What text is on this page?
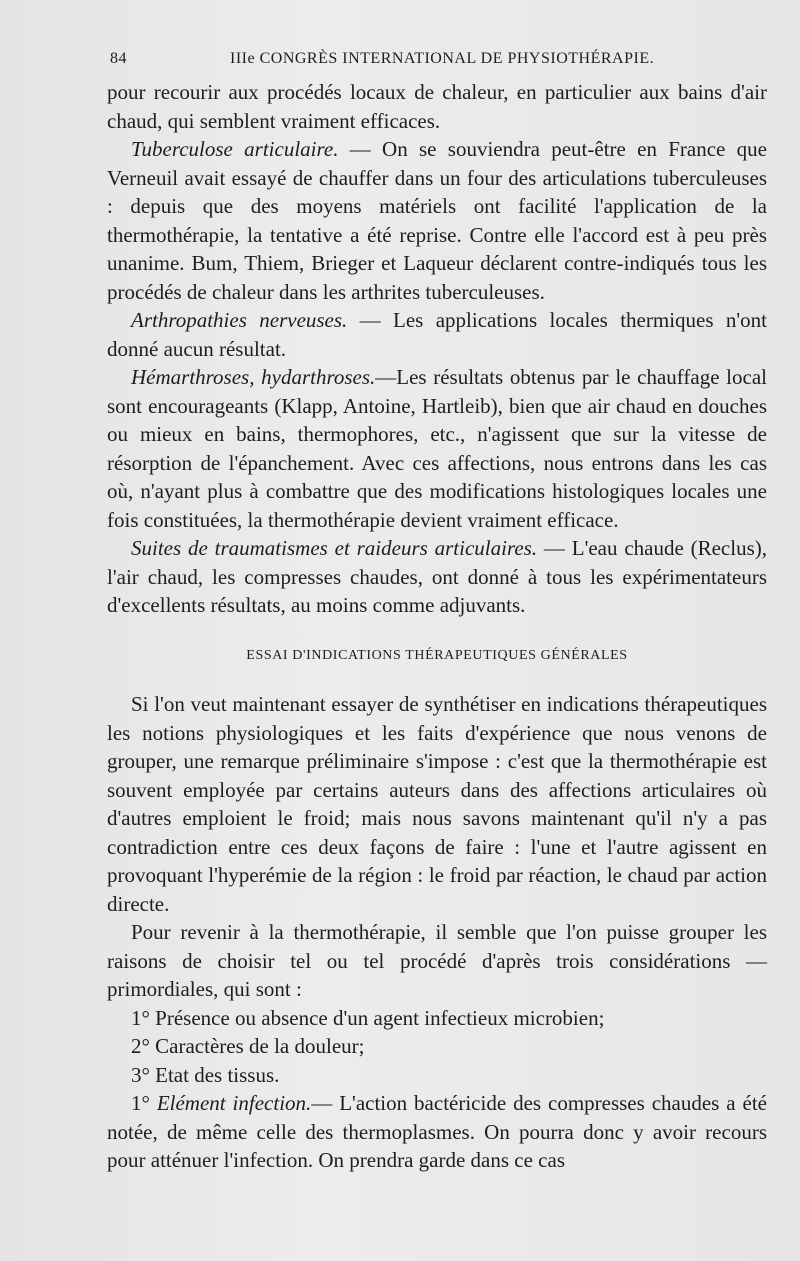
84	IIIe CONGRÈS INTERNATIONAL DE PHYSIOTHÉRAPIE.

pour recourir aux procédés locaux de chaleur, en particulier aux bains d'air chaud, qui semblent vraiment efficaces.

Tuberculose articulaire. — On se souviendra peut-être en France que Verneuil avait essayé de chauffer dans un four des articulations tuberculeuses : depuis que des moyens matériels ont facilité l'application de la thermothérapie, la tentative a été reprise. Contre elle l'accord est à peu près unanime. Bum, Thiem, Brieger et Laqueur déclarent contre-indiqués tous les procédés de chaleur dans les arthrites tuberculeuses.

Arthropathies nerveuses. — Les applications locales thermiques n'ont donné aucun résultat.

Hémarthroses, hydarthroses.—Les résultats obtenus par le chauffage local sont encourageants (Klapp, Antoine, Hartleib), bien que air chaud en douches ou mieux en bains, thermophores, etc., n'agissent que sur la vitesse de résorption de l'épanchement. Avec ces affections, nous entrons dans les cas où, n'ayant plus à combattre que des modifications histologiques locales une fois constituées, la thermothérapie devient vraiment efficace.

Suites de traumatismes et raideurs articulaires. — L'eau chaude (Reclus), l'air chaud, les compresses chaudes, ont donné à tous les expérimentateurs d'excellents résultats, au moins comme adjuvants.

ESSAI D'INDICATIONS THÉRAPEUTIQUES GÉNÉRALES

Si l'on veut maintenant essayer de synthétiser en indications thérapeutiques les notions physiologiques et les faits d'expérience que nous venons de grouper, une remarque préliminaire s'impose : c'est que la thermothérapie est souvent employée par certains auteurs dans des affections articulaires où d'autres emploient le froid; mais nous savons maintenant qu'il n'y a pas contradiction entre ces deux façons de faire : l'une et l'autre agissent en provoquant l'hyperémie de la région : le froid par réaction, le chaud par action directe.

Pour revenir à la thermothérapie, il semble que l'on puisse grouper les raisons de choisir tel ou tel procédé d'après trois considérations — primordiales, qui sont :

1° Présence ou absence d'un agent infectieux microbien;

2° Caractères de la douleur;

3° Etat des tissus.

1° Elément infection.— L'action bactéricide des compresses chaudes a été notée, de même celle des thermoplasmes. On pourra donc y avoir recours pour atténuer l'infection. On prendra garde dans ce cas
